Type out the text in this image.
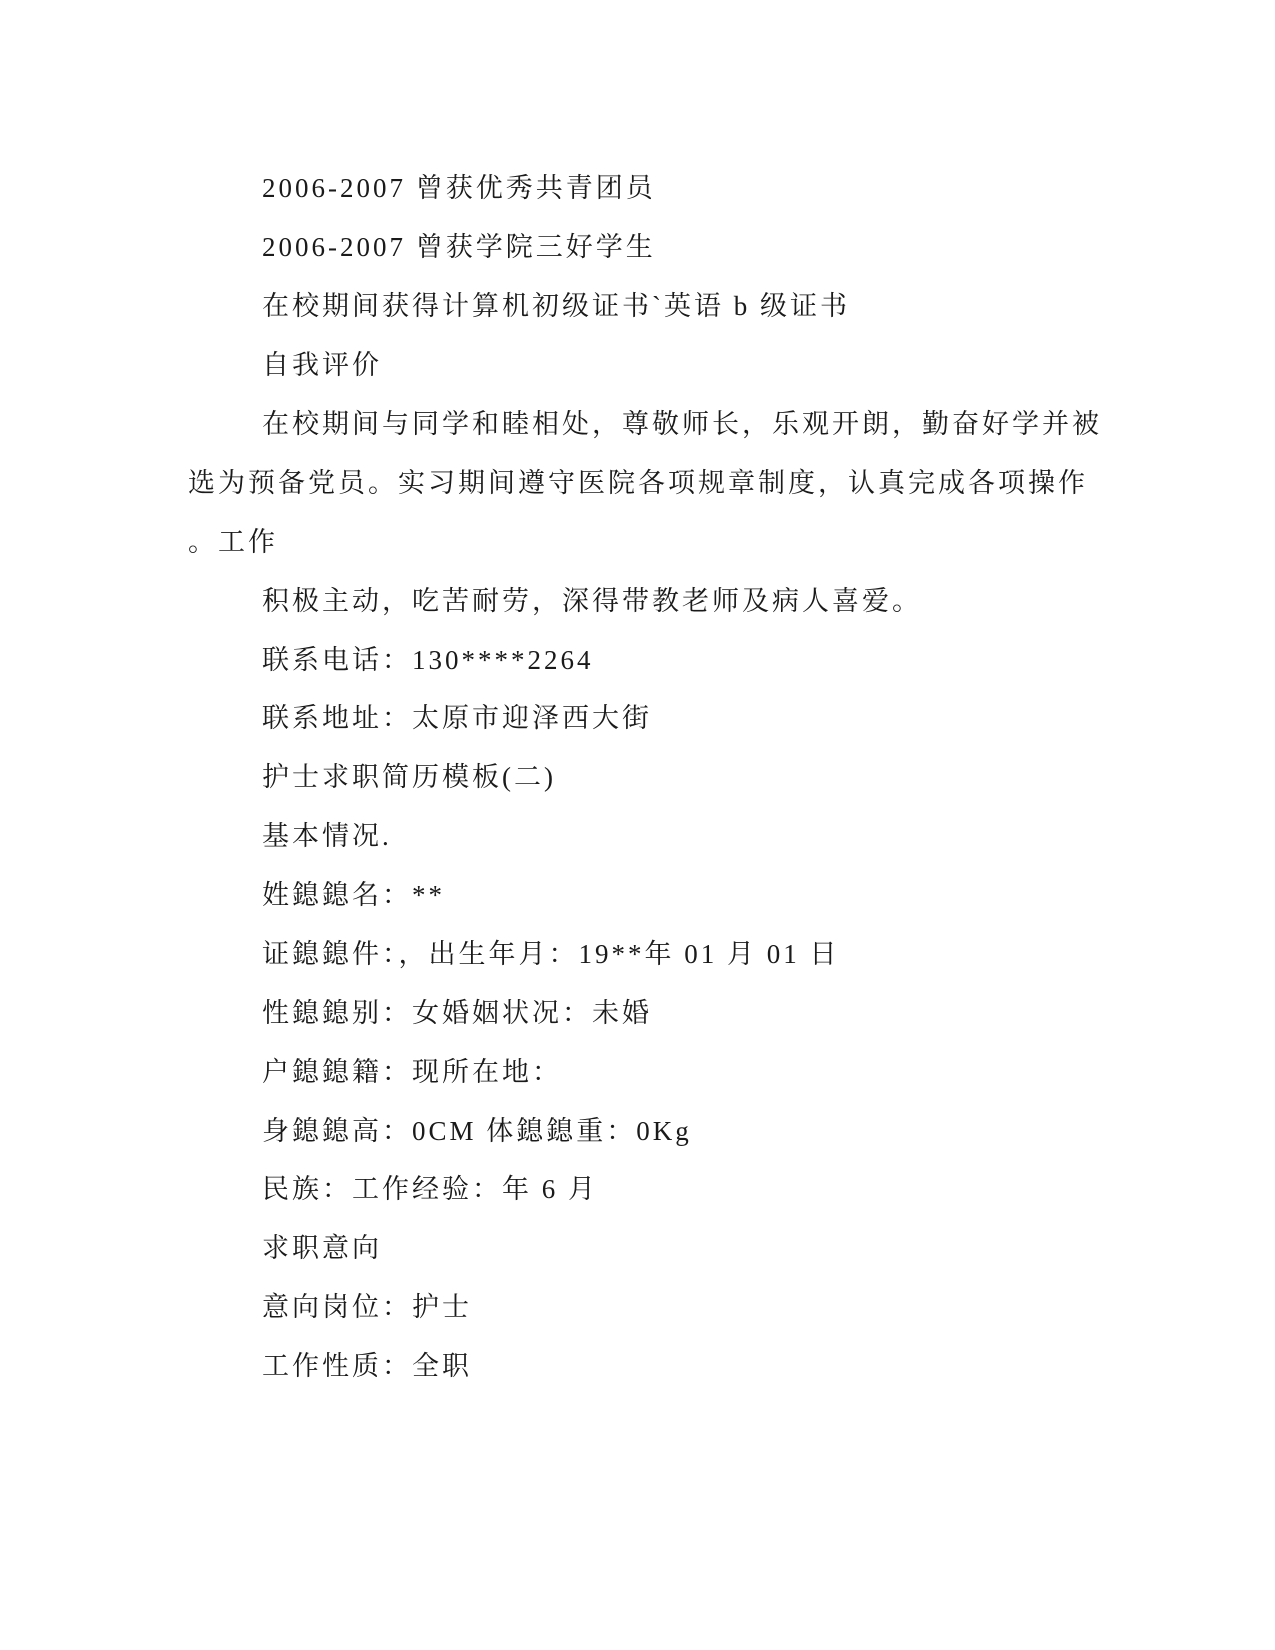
2006-2007 曾获优秀共青团员

2006-2007 曾获学院三好学生

在校期间获得计算机初级证书`英语 b 级证书

自我评价

在校期间与同学和睦相处，尊敬师长，乐观开朗，勤奋好学并被

选为预备党员。实习期间遵守医院各项规章制度，认真完成各项操作

。工作

积极主动，吃苦耐劳，深得带教老师及病人喜爱。

联系电话：130****2264

联系地址：太原市迎泽西大街

护士求职简历模板(二)

基本情况.

姓鎴鎴名：**

证鎴鎴件：，出生年月：19**年 01 月 01 日

性鎴鎴别：女婚姻状况：未婚

户鎴鎴籍：现所在地：

身鎴鎴高：0CM 体鎴鎴重：0Kg

民族：工作经验：年 6 月

求职意向

意向岗位：护士

工作性质：全职
